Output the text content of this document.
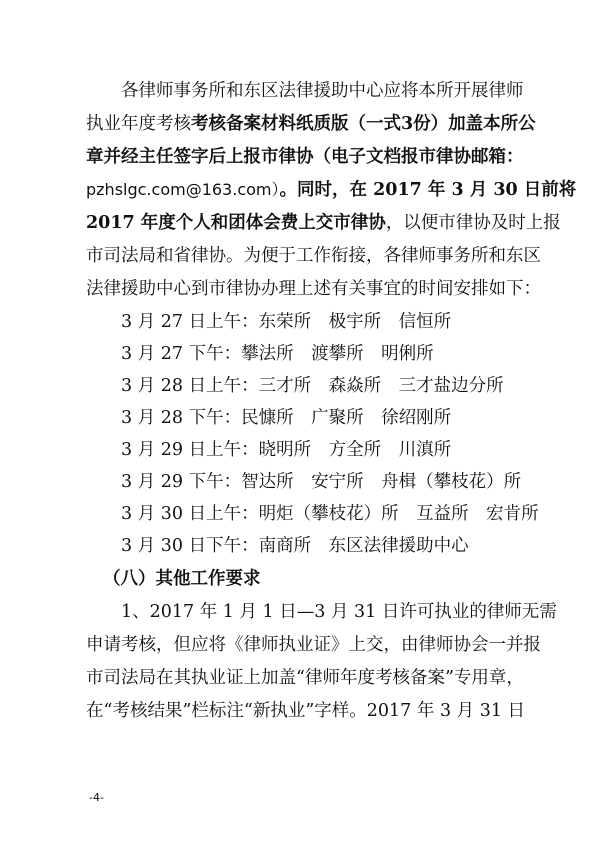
各律师事务所和东区法律援助中心应将本所开展律师
执业年度考核考核备案材料纸质版（一式3份）加盖本所公
章并经主任签字后上报市律协（电子文档报市律协邮箱：
pzhslgc.com@163.com）。同时，在 2017 年 3 月 30 日前将
2017 年度个人和团体会费上交市律协，以便市律协及时上报
市司法局和省律协。为便于工作衔接，各律师事务所和东区
法律援助中心到市律协办理上述有关事宜的时间安排如下：
3 月 27 日上午：东荣所　极宇所　信恒所
3 月 27 下午：攀法所　渡攀所　明俐所
3 月 28 日上午：三才所　森焱所　三才盐边分所
3 月 28 下午：民慷所　广聚所　徐绍刚所
3 月 29 日上午：晓明所　方全所　川滇所
3 月 29 下午：智达所　安宁所　舟楫（攀枝花）所
3 月 30 日上午：明炬（攀枝花）所　互益所　宏肯所
3 月 30 日下午：南商所　东区法律援助中心
（八）其他工作要求
1、2017 年 1 月 1 日—3 月 31 日许可执业的律师无需
申请考核，但应将《律师执业证》上交，由律师协会一并报
市司法局在其执业证上加盖“律师年度考核备案”专用章，
在“考核结果”栏标注“新执业”字样。2017 年 3 月 31 日
-4-
